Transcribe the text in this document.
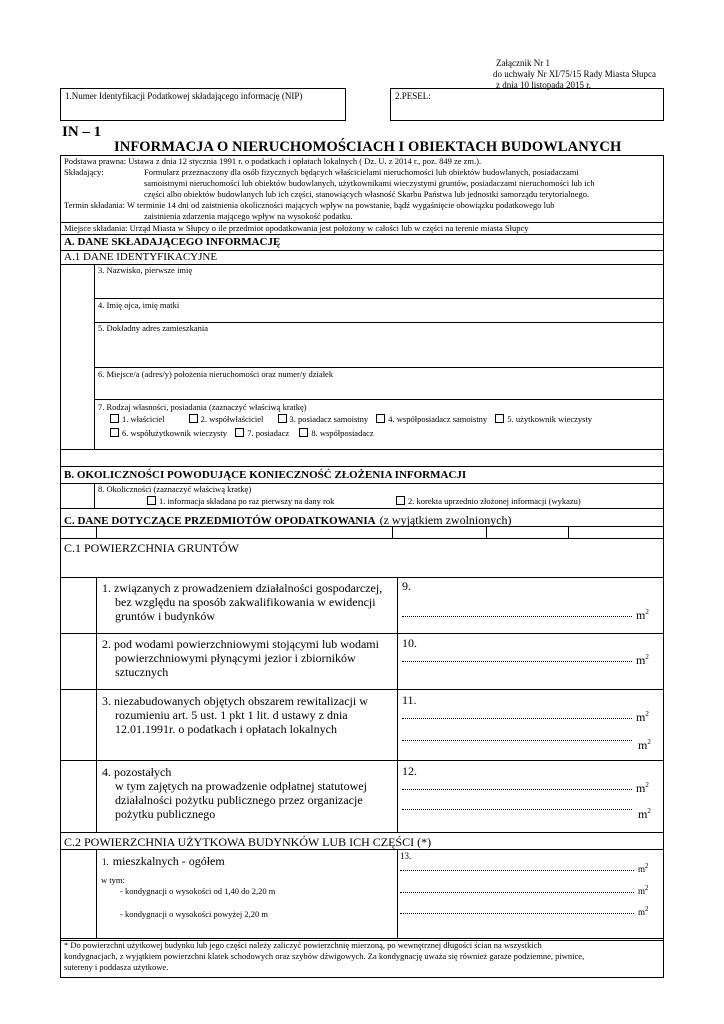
Załącznik Nr 1
do uchwały Nr XI/75/15 Rady Miasta Słupca
z dnia 10 listopada 2015 r.
1.Numer Identyfikacji Podatkowej składającego informację (NIP)	2.PESEL:
IN – 1
INFORMACJA O NIERUCHOMOŚCIACH I OBIEKTACH BUDOWLANYCH
Podstawa prawna: Ustawa z dnia 12 stycznia 1991 r. o podatkach i opłatach lokalnych ( Dz. U. z 2014 r., poz. 849 ze zm.).
Składający:	Formularz przeznaczony dla osób fizycznych będących właścicielami nieruchomości lub obiektów budowlanych, posiadaczami
samoistnymi nieruchomości lub obiektów budowlanych, użytkownikami wieczystymi gruntów, posiadaczami nieruchomości lub ich
części albo obiektów budowlanych lub ich części, stanowiących własność Skarbu Państwa lub jednostki samorządu terytorialnego.
Termin składania: W terminie 14 dni od zaistnienia okoliczności mających wpływ na powstanie, bądź wygaśnięcie obowiązku podatkowego lub
zaistnienia zdarzenia mającego wpływ na wysokość podatku.
Miejsce składania: Urząd Miasta w Słupcy o ile przedmiot opodatkowania jest położony w całości lub w części na terenie miasta Słupcy
A. DANE SKŁADAJĄCEGO INFORMACJĘ
A.1 DANE IDENTYFIKACYJNE
3. Nazwisko, pierwsze imię
4. Imię ojca, imię matki
5. Dokładny adres zamieszkania
6. Miejsce/a (adres/y) położenia nieruchomości oraz numer/y działek
7. Rodzaj własności, posiadania (zaznaczyć właściwą kratkę)
1. właściciel	2. współwłaściciel	3. posiadacz samoistny 4. współposiadacz samoistny 5. użytkownik wieczysty
6. współużytkownik wieczysty 7. posiadacz	8. współposiadacz
B. OKOLICZNOŚCI POWODUJĄCE KONIECZNOŚĆ ZŁOŻENIA INFORMACJI
8. Okoliczności (zaznaczyć właściwą kratkę)
1. informacja składana po raz pierwszy na dany rok	2. korekta uprzednio złożonej informacji (wykazu)
C. DANE DOTYCZĄCE PRZEDMIOTÓW OPODATKOWANIA (z wyjątkiem zwolnionych)
C.1 POWIERZCHNIA GRUNTÓW
1. związanych z prowadzeniem działalności gospodarczej,
bez względu na sposób zakwalifikowania w ewidencji
gruntów i budynków
9.
$m^2$
2. pod wodami powierzchniowymi stojącymi lub wodami
powierzchniowymi płynącymi jezior i zbiorników
sztucznych
10.
$m^2$
3. niezabudowanych objętych obszarem rewitalizacji w
rozumieniu art. 5 ust. 1 pkt 1 lit. d ustawy z dnia
12.01.1991r. o podatkach i opłatach lokalnych
11.
$m^2$
$m^2$
4. pozostałych
w tym zajętych na prowadzenie odpłatnej statutowej
działalności pożytku publicznego przez organizacje
pożytku publicznego
12.
$m^2$
$m^2$
C.2 POWIERZCHNIA UŻYTKOWA BUDYNKÓW LUB ICH CZĘŚCI (*)
1. mieszkalnych - ogółem
w tym:
- kondygnacji o wysokości od 1,40 do 2,20 m
- kondygnacji o wysokości powyżej 2,20 m
13.
$m^2$
$m^2$
$m^2$
* Do powierzchni użytkowej budynku lub jego części należy zaliczyć powierzchnię mierzoną, po wewnętrznej długości ścian na wszystkich
kondygnacjach, z wyjątkiem powierzchni klatek schodowych oraz szybów dźwigowych. Za kondygnację uważa się również garaże podziemne, piwnice,
sutereny i poddasza użytkowe.
